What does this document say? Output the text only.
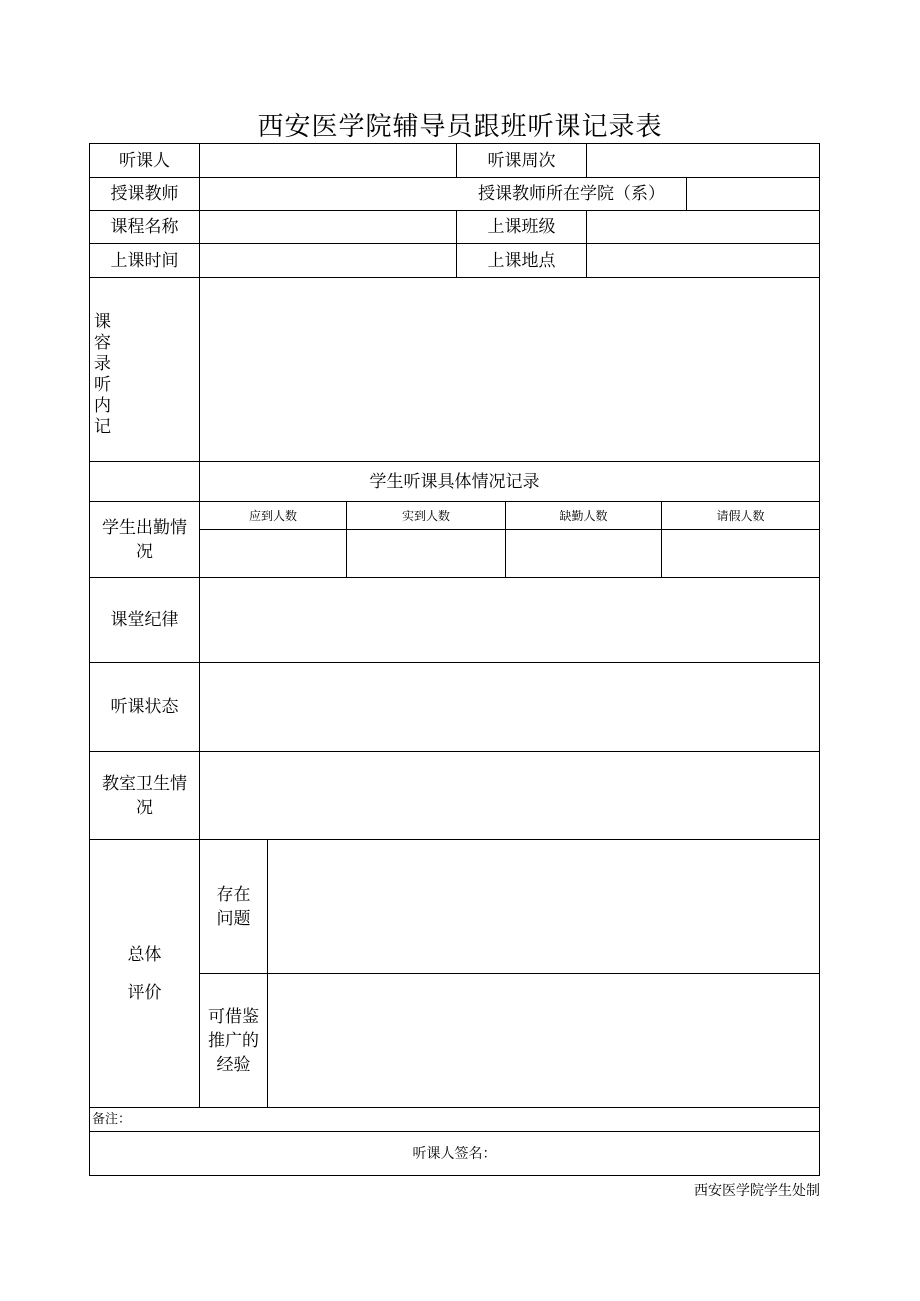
西安医学院辅导员跟班听课记录表
听课人	听课周次
授课教师	授课教师所在学院（系）
课程名称	上课班级
上课时间	上课地点
课
容
录
听
内
记
学生听课具体情况记录
学生出勤情况
应到人数	实到人数	缺勤人数	请假人数
课堂纪律
听课状态
教室卫生情况
总体
评价
存在问题
可借鉴推广的经验
备注：
听课人签名：
西安医学院学生处制
